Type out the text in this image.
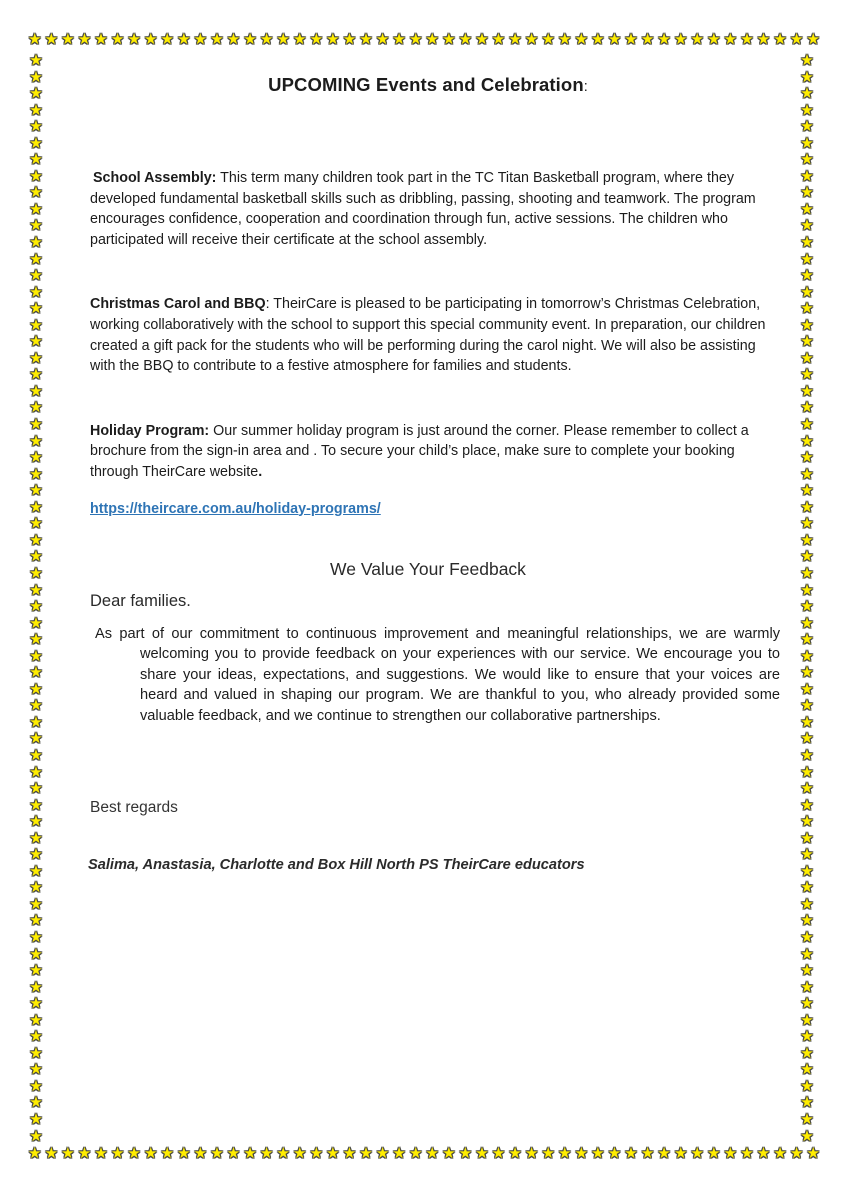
★ ★ ★ ★ ★ ★ ★ ★ ★ ★ ★ ★ ★ ★ ★ ★ ★ ★ ★ ★ ★ ★ ★ ★ ★ ★ ★ ★ ★ ★ ★ ★ ★ ★ ★ ★ ★ ★ ★ ★ ★ ★ ★ ★ ★ ★ ★ ★
★
★
★
★
★
★
★
★
★
★
★
★
★
★
★
★
★
★
★
★
★
★
★
★
★
★
★
★
★
★
★
★
★
★
★
★
★
★
★
★
★
★
★
★
★
★
★
★
★
★
★
★
★
★
★
★
★
★
★
★
★
★
★
★
★
★
★
★
★
★
★
★
★
★
★
★
★
★
★
★
★
★
★
★
★
★
★
★
★
★
★
★
★
★
★
★
★
★
★
★
★
★
★
★
★
★
★
★
★
★
★
★
★
★
★
★
★
★
★
★
★
★
★
★
★
★
★
★
★
★
★
★
★ ★ ★ ★ ★ ★ ★ ★ ★ ★ ★ ★ ★ ★ ★ ★ ★ ★ ★ ★ ★ ★ ★ ★ ★ ★ ★ ★ ★ ★ ★ ★ ★ ★ ★ ★ ★ ★ ★ ★ ★ ★ ★ ★ ★ ★ ★ ★
UPCOMING Events and Celebration:

School Assembly: This term many children took part in the TC Titan Basketball program, where they developed fundamental basketball skills such as dribbling, passing, shooting and teamwork. The program encourages confidence, cooperation and coordination through fun, active sessions. The children who participated will receive their certificate at the school assembly.

Christmas Carol and BBQ: TheirCare is pleased to be participating in tomorrow’s Christmas Celebration, working collaboratively with the school to support this special community event. In preparation, our children created a gift pack for the students who will be performing during the carol night. We will also be assisting with the BBQ to contribute to a festive atmosphere for families and students.

Holiday Program: Our summer holiday program is just around the corner. Please remember to collect a brochure from the sign-in area and . To secure your child’s place, make sure to complete your booking through TheirCare website.

https://theircare.com.au/holiday-programs/

We Value Your Feedback

Dear families.

As part of our commitment to continuous improvement and meaningful relationships, we are warmly welcoming you to provide feedback on your experiences with our service. We encourage you to share your ideas, expectations, and suggestions. We would like to ensure that your voices are heard and valued in shaping our program. We are thankful to you, who already provided some valuable feedback, and we continue to strengthen our collaborative partnerships.

Best regards

Salima, Anastasia, Charlotte and Box Hill North PS TheirCare educators
